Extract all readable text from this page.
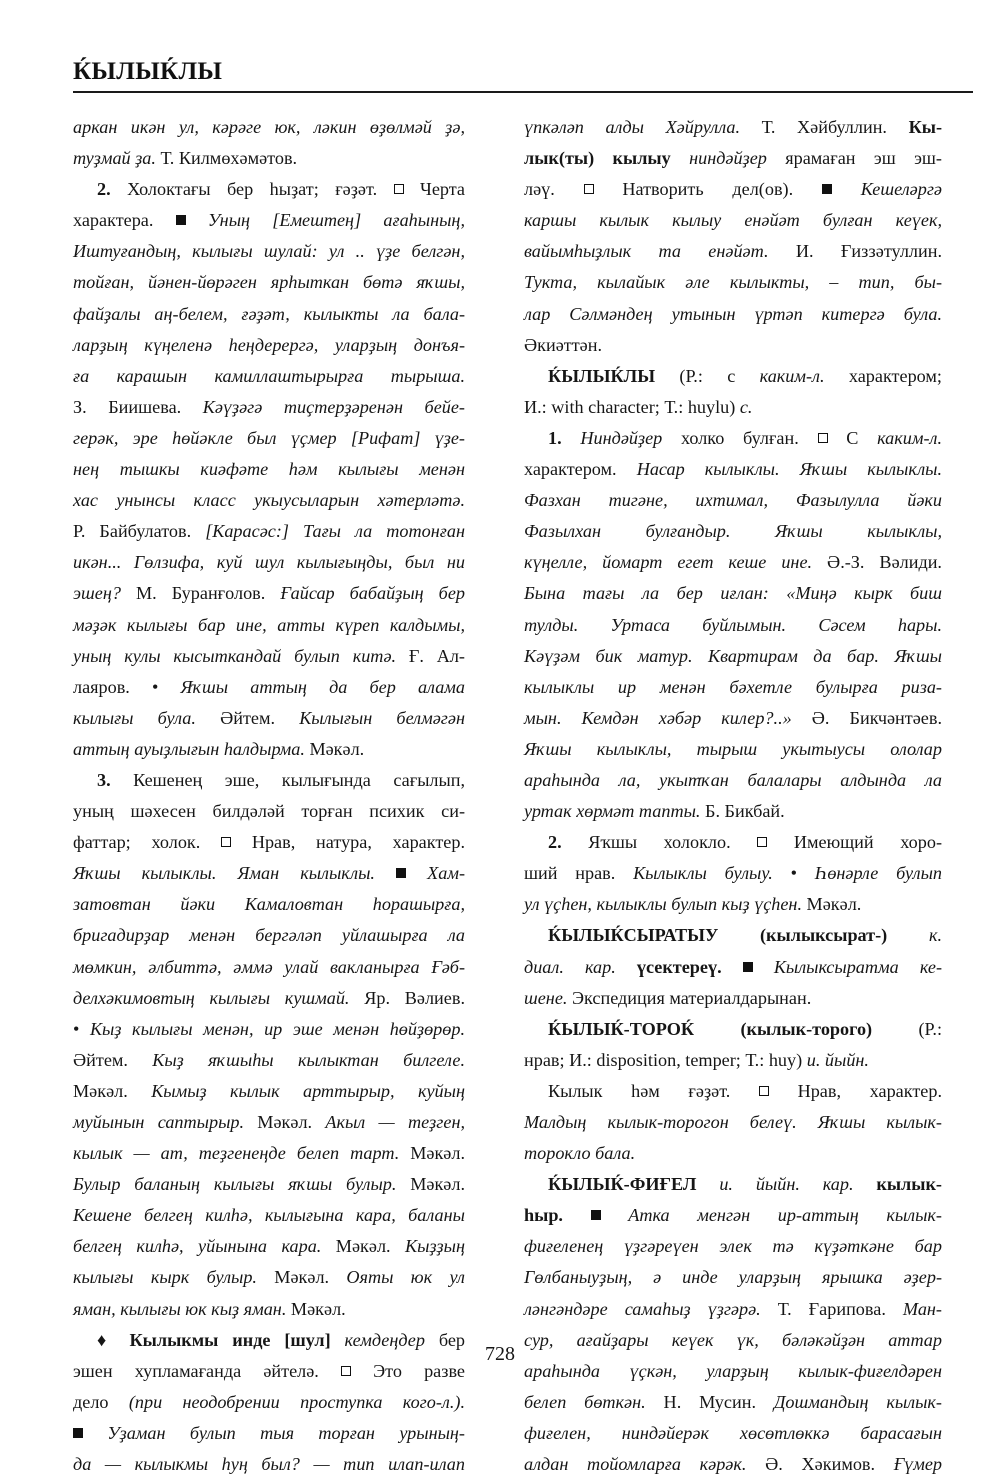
ЌЫЛЫЌЛЫ
аркан икән ул, кәрәге юк, ләкин өҙөлмәй ҙә,
туҙмай ҙа. Т. Килмөхәмәтов.
2. Холоктағы бер һыҙат; ғәҙәт.  Черта
характера.  Уның [Емештең] ағаһының,
Иштуғандың, кылығы шулай: ул .. үҙе белгән,
тойған, йәнен-йөрәген ярһыткан бөтә яҡшы,
файҙалы аң-белем, ғәҙәт, кылыкты ла бала-
ларҙың күңеленә һеңдерергә, уларҙың донъя-
ға карашын камиллаштырырға тырыша.
З. Биишева. Кәүҙәгә тиҫтерҙәренән бейе-
герәк, эре һөйәкле был үҫмер [Рифат] үҙе-
нең тышкы киәфәте һәм кылығы менән
хас унынсы класс укыусыларын хәтерләтә.
Р. Байбулатов. [Карасәс:] Тағы ла тотонған
икән... Гөлзифа, куй шул кылығыңды, был ни
эшең? М. Буранғолов. Ғайсар бабайҙың бер
мәҙәк кылығы бар ине, атты күреп калдымы,
уның кулы кысыткандай булып китә. Ғ. Ал-
лаяров. • Яҡшы аттың да бер алама
кылығы була. Әйтем. Кылығын белмәгән
аттың ауыҙлығын һалдырма. Мәкәл.
3. Кешенең эше, кылығында сағылып,
уның шәхесен билдәләй торған психик си-
фаттар; холок.  Нрав, натура, характер.
Яҡшы кылыклы. Яман кылыклы.  Хам-
затовтан йәки Камаловтан һорашырға,
бригадирҙар менән бергәләп уйлашырға ла
мөмкин, әлбиттә, әммә улай вакланырға Ғәб-
делхәкимовтың кылығы кушмай. Яр. Вәлиев.
• Кыҙ кылығы менән, ир эше менән һөйҙөрөр.
Әйтем. Кыҙ яҡшыһы кылыктан билгеле.
Мәкәл. Кымыҙ кылык арттырыр, куйың
муйынын саптырыр. Мәкәл. Акыл — теҙген,
кылык — ат, теҙгенеңде белеп тарт. Мәкәл.
Булыр баланың кылығы яҡшы булыр. Мәкәл.
Кешене белгең килһә, кылығына кара, баланы
белгең килһә, уйынына кара. Мәкәл. Кыҙҙың
кылығы кырк булыр. Мәкәл. Ояты юк ул
яман, кылығы юк кыҙ яман. Мәкәл.
♦ Кылыкмы инде [шул] кемдеңдер бер
эшен хупламағанда әйтелә.  Это разве
дело (при неодобрении проступка кого-л.).
Уҙаман булып тыя торған урының-
да — кылыкмы һуң был? — тип илап-илап
үпкәләп алды Хәйрулла. Т. Хәйбуллин. Кы-
лык(ты) кылыу ниндәйҙер ярамаған эш эш-
ләү.  Натворить дел(ов).  Кешеләргә
каршы кылык кылыу енәйәт булған кеүек,
вайымһыҙлык та енәйәт. И. Ғиззәтуллин.
Тукта, кылайык әле кылыкты, – тип, бы-
лар Сәлмәндең утынын үртәп китергә була.
Әкиәттән.
ЌЫЛЫЌЛЫ (Р.: с каким-л. характером;
И.: with character; Т.: huylu) с.
1. Ниндәйҙер холко булған.  С каким-л.
характером. Насар кылыклы. Яҡшы кылыклы.
Фазхан тигәне, ихтимал, Фазылулла йәки
Фазылхан булғандыр. Яҡшы кылыклы,
күңелле, йомарт егет кеше ине. Ә.-З. Вәлиди.
Бына тағы ла бер иғлан: «Миңә кырк биш
тулды. Уртаса буйлымын. Сәсем һары.
Кәүҙәм бик матур. Квартирам да бар. Яҡшы
кылыклы ир менән бәхетле булырға риза-
мын. Кемдән хәбәр килер?..» Ә. Бикчәнтәев.
Яҡшы кылыклы, тырыш укытыусы ололар
араһында ла, укытҡан балалары алдында ла
уртак хөрмәт тапты. Б. Бикбай.
2. Яҡшы холоклo.  Имеющий хоро-
ший нрав. Кылыклы булыу. • Һөнәрле булып
ул үҫһен, кылыклы булып кыҙ үҫһен. Мәкәл.
ЌЫЛЫЌСЫРАТЫУ (кылыксырат-) к.
диал. кар. үсектереү.  Кылыксыратма ке-
шене. Экспедиция материалдарынан.
ЌЫЛЫЌ-ТОРОЌ (кылык-торого) (Р.:
нрав; И.: disposition, temper; Т.: huy) и. йыйн.
Кылык һәм ғәҙәт.  Нрав, характер.
Малдың кылык-торогон белеү. Яҡшы кылык-
торокло бала.
ЌЫЛЫЌ-ФИҒЕЛ и. йыйн. кар. кылык-
һыр.  Атка менгән ир-аттың кылык-
фиғеленең үҙгәреүен элек тә күҙәткәне бар
Гөлбаныуҙың, ә инде уларҙың ярышка әҙер-
ләнгәндәре самаһыҙ үҙгәрә. Т. Ғарипова. Ман-
сур, ағайҙары кеүек үк, бәләкәйҙән аттар
араһында үҫкән, уларҙың кылык-фиғелдәрен
белеп бөткән. Н. Мусин. Дошмандың кылык-
фиғелен, ниндәйерәк хөсөтлөккә барасағын
алдан тойомларға кәрәк. Ә. Хәкимов. Ғүмер
728
